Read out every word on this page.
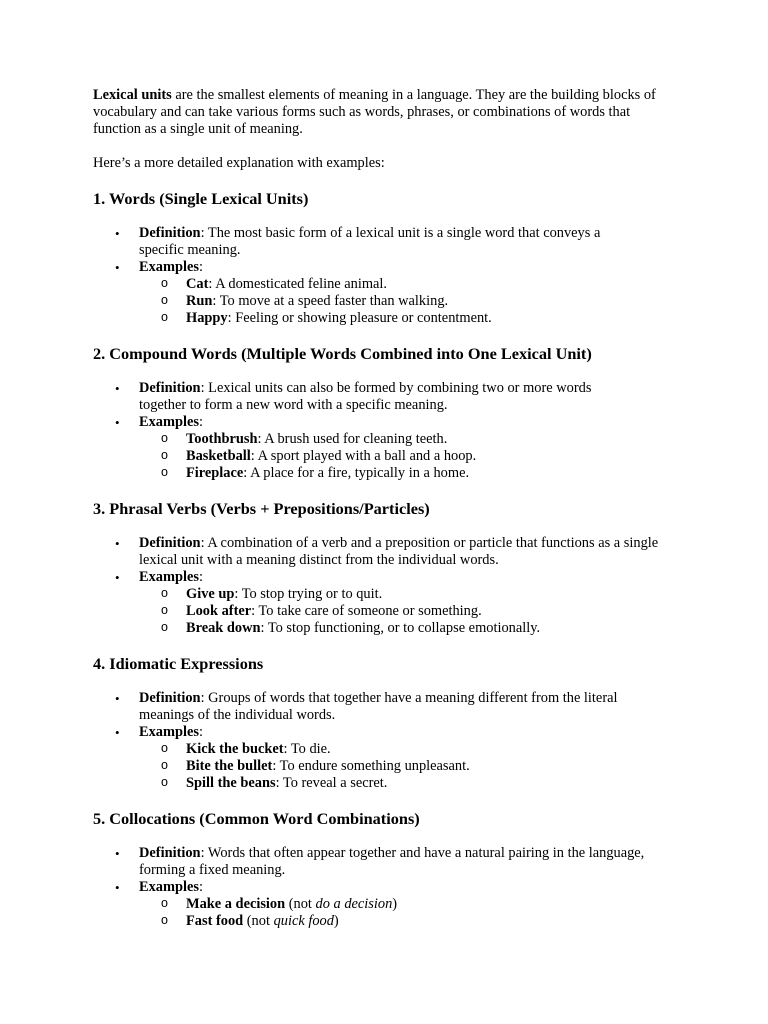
Lexical units are the smallest elements of meaning in a language. They are the building blocks of vocabulary and can take various forms such as words, phrases, or combinations of words that function as a single unit of meaning.

Here’s a more detailed explanation with examples:

1. Words (Single Lexical Units)
• Definition: The most basic form of a lexical unit is a single word that conveys a specific meaning.
• Examples:
o Cat: A domesticated feline animal.
o Run: To move at a speed faster than walking.
o Happy: Feeling or showing pleasure or contentment.
2. Compound Words (Multiple Words Combined into One Lexical Unit)
• Definition: Lexical units can also be formed by combining two or more words together to form a new word with a specific meaning.
• Examples:
o Toothbrush: A brush used for cleaning teeth.
o Basketball: A sport played with a ball and a hoop.
o Fireplace: A place for a fire, typically in a home.
3. Phrasal Verbs (Verbs + Prepositions/Particles)
• Definition: A combination of a verb and a preposition or particle that functions as a single lexical unit with a meaning distinct from the individual words.
• Examples:
o Give up: To stop trying or to quit.
o Look after: To take care of someone or something.
o Break down: To stop functioning, or to collapse emotionally.
4. Idiomatic Expressions
• Definition: Groups of words that together have a meaning different from the literal meanings of the individual words.
• Examples:
o Kick the bucket: To die.
o Bite the bullet: To endure something unpleasant.
o Spill the beans: To reveal a secret.
5. Collocations (Common Word Combinations)
• Definition: Words that often appear together and have a natural pairing in the language, forming a fixed meaning.
• Examples:
o Make a decision (not do a decision)
o Fast food (not quick food)
